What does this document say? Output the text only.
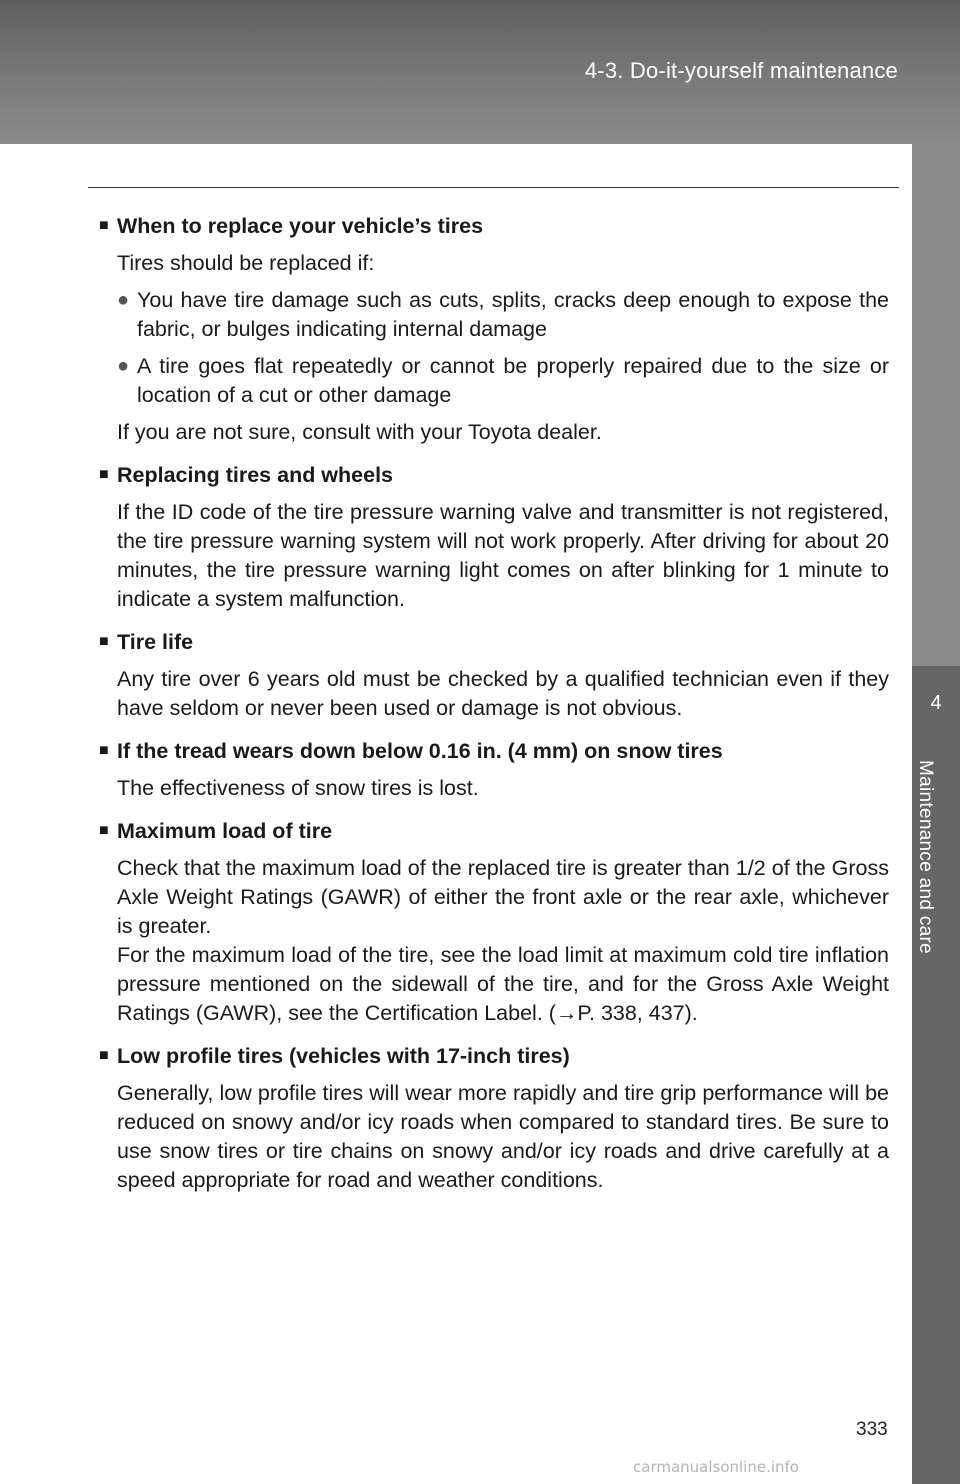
4-3. Do-it-yourself maintenance
4
Maintenance and care
■ When to replace your vehicle’s tires
Tires should be replaced if:
● You have tire damage such as cuts, splits, cracks deep enough to expose the fabric, or bulges indicating internal damage
● A tire goes flat repeatedly or cannot be properly repaired due to the size or location of a cut or other damage
If you are not sure, consult with your Toyota dealer.
■ Replacing tires and wheels
If the ID code of the tire pressure warning valve and transmitter is not registered, the tire pressure warning system will not work properly. After driving for about 20 minutes, the tire pressure warning light comes on after blinking for 1 minute to indicate a system malfunction.
■ Tire life
Any tire over 6 years old must be checked by a qualified technician even if they have seldom or never been used or damage is not obvious.
■ If the tread wears down below 0.16 in. (4 mm) on snow tires
The effectiveness of snow tires is lost.
■ Maximum load of tire
Check that the maximum load of the replaced tire is greater than 1/2 of the Gross Axle Weight Ratings (GAWR) of either the front axle or the rear axle, whichever is greater.
For the maximum load of the tire, see the load limit at maximum cold tire inflation pressure mentioned on the sidewall of the tire, and for the Gross Axle Weight Ratings (GAWR), see the Certification Label. (→P. 338, 437).
■ Low profile tires (vehicles with 17-inch tires)
Generally, low profile tires will wear more rapidly and tire grip performance will be reduced on snowy and/or icy roads when compared to standard tires. Be sure to use snow tires or tire chains on snowy and/or icy roads and drive carefully at a speed appropriate for road and weather conditions.
333
carmanualsonline.info
